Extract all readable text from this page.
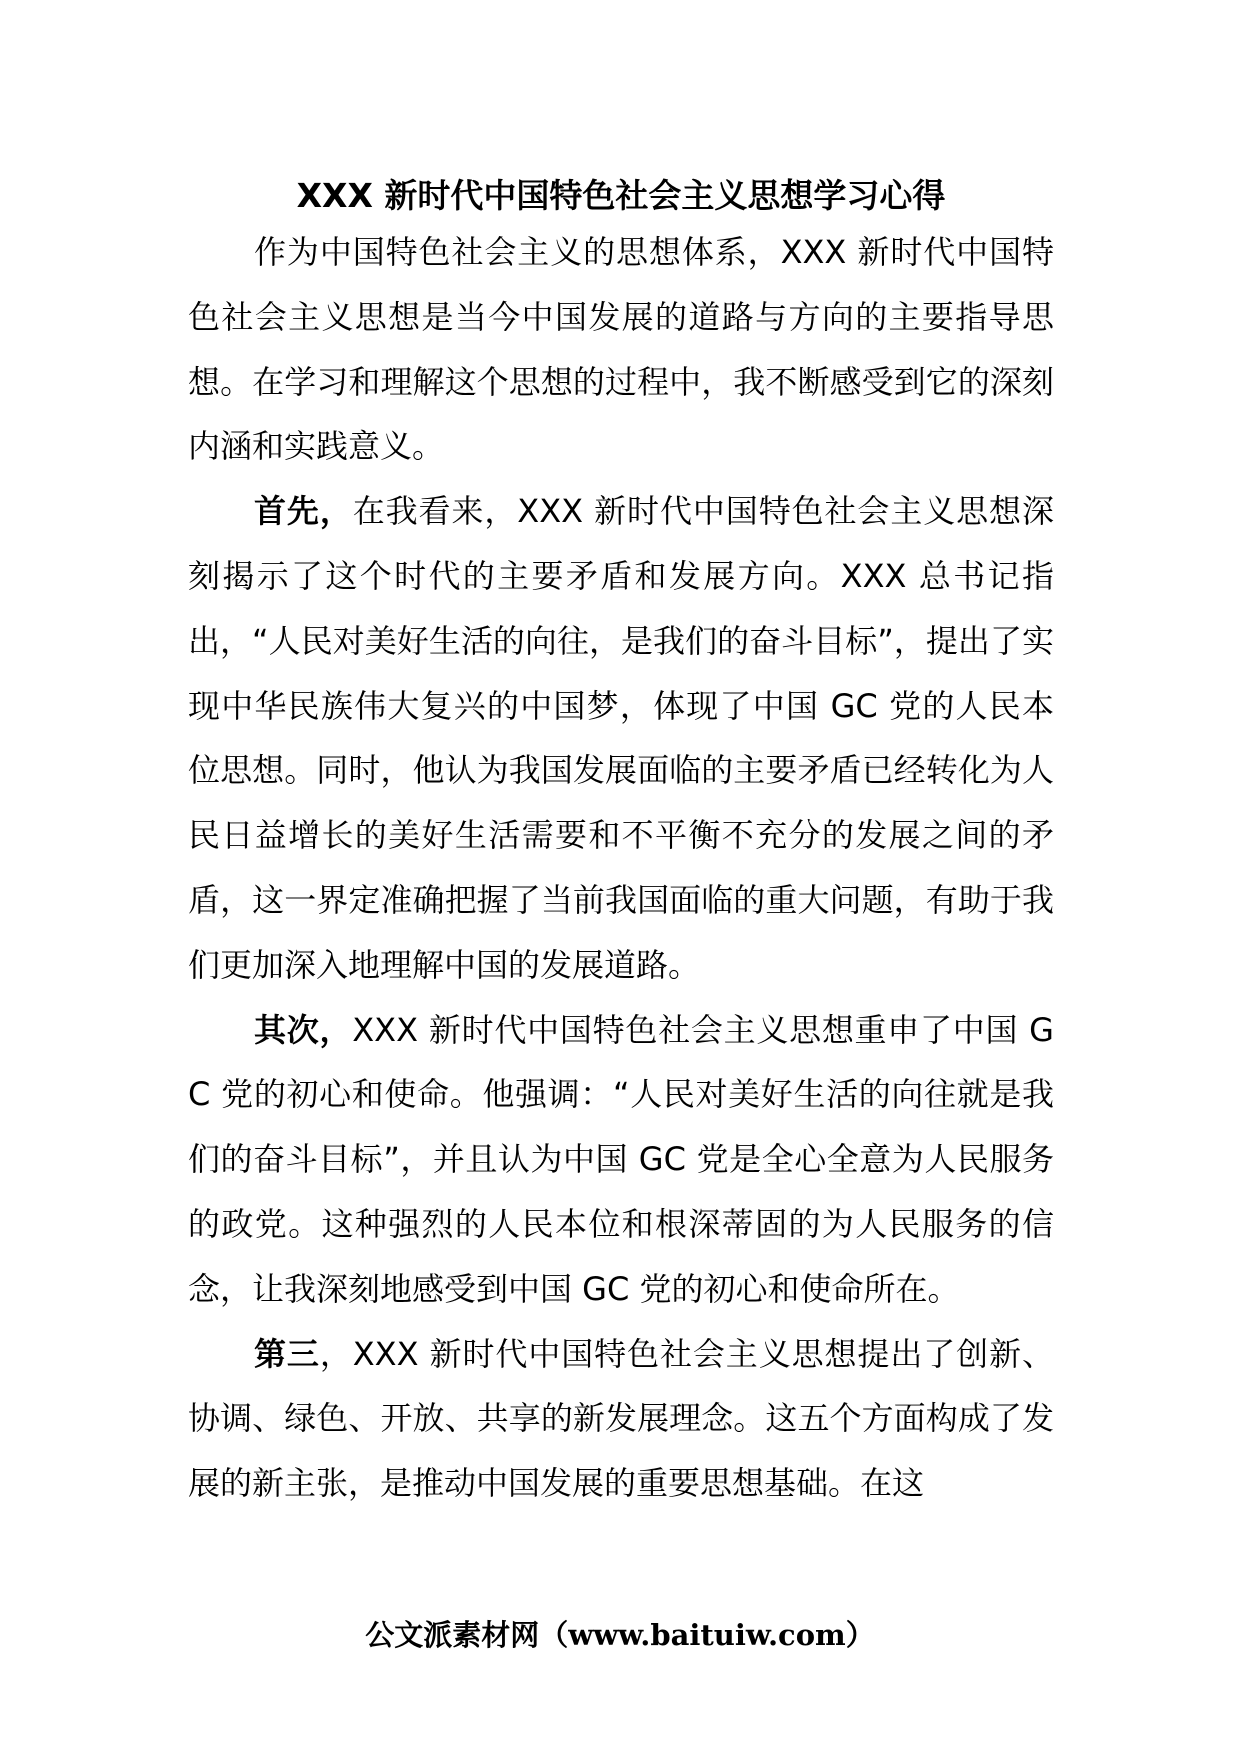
XXX 新时代中国特色社会主义思想学习心得

作为中国特色社会主义的思想体系，XXX 新时代中国特色社会主义思想是当今中国发展的道路与方向的主要指导思想。在学习和理解这个思想的过程中，我不断感受到它的深刻内涵和实践意义。

首先，在我看来，XXX 新时代中国特色社会主义思想深刻揭示了这个时代的主要矛盾和发展方向。XXX 总书记指出，“人民对美好生活的向往，是我们的奋斗目标”，提出了实现中华民族伟大复兴的中国梦，体现了中国 GC 党的人民本位思想。同时，他认为我国发展面临的主要矛盾已经转化为人民日益增长的美好生活需要和不平衡不充分的发展之间的矛盾，这一界定准确把握了当前我国面临的重大问题，有助于我们更加深入地理解中国的发展道路。

其次，XXX 新时代中国特色社会主义思想重申了中国 GC 党的初心和使命。他强调：“人民对美好生活的向往就是我们的奋斗目标”，并且认为中国 GC 党是全心全意为人民服务的政党。这种强烈的人民本位和根深蒂固的为人民服务的信念，让我深刻地感受到中国 GC 党的初心和使命所在。

第三，XXX 新时代中国特色社会主义思想提出了创新、协调、绿色、开放、共享的新发展理念。这五个方面构成了发展的新主张，是推动中国发展的重要思想基础。在这

公文派素材网（www.baituiw.com）
